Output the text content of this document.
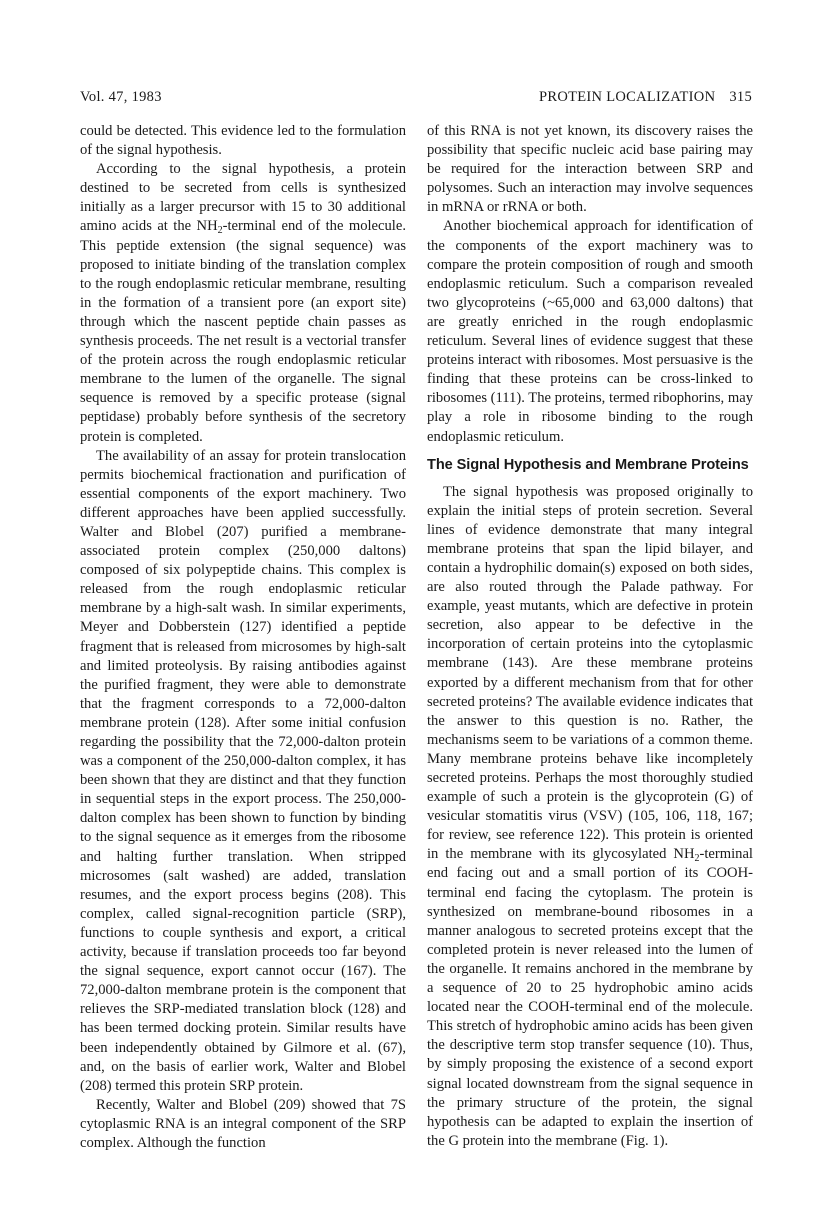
Vol. 47, 1983	PROTEIN LOCALIZATION 315

could be detected. This evidence led to the formulation of the signal hypothesis.

According to the signal hypothesis, a protein destined to be secreted from cells is synthesized initially as a larger precursor with 15 to 30 additional amino acids at the $NH_2$-terminal end of the molecule. This peptide extension (the signal sequence) was proposed to initiate binding of the translation complex to the rough endoplasmic reticular membrane, resulting in the formation of a transient pore (an export site) through which the nascent peptide chain passes as synthesis proceeds. The net result is a vectorial transfer of the protein across the rough endoplasmic reticular membrane to the lumen of the organelle. The signal sequence is removed by a specific protease (signal peptidase) probably before synthesis of the secretory protein is completed.

The availability of an assay for protein translocation permits biochemical fractionation and purification of essential components of the export machinery. Two different approaches have been applied successfully. Walter and Blobel (207) purified a membrane-associated protein complex (250,000 daltons) composed of six polypeptide chains. This complex is released from the rough endoplasmic reticular membrane by a high-salt wash. In similar experiments, Meyer and Dobberstein (127) identified a peptide fragment that is released from microsomes by high-salt and limited proteolysis. By raising antibodies against the purified fragment, they were able to demonstrate that the fragment corresponds to a 72,000-dalton membrane protein (128). After some initial confusion regarding the possibility that the 72,000-dalton protein was a component of the 250,000-dalton complex, it has been shown that they are distinct and that they function in sequential steps in the export process. The 250,000-dalton complex has been shown to function by binding to the signal sequence as it emerges from the ribosome and halting further translation. When stripped microsomes (salt washed) are added, translation resumes, and the export process begins (208). This complex, called signal-recognition particle (SRP), functions to couple synthesis and export, a critical activity, because if translation proceeds too far beyond the signal sequence, export cannot occur (167). The 72,000-dalton membrane protein is the component that relieves the SRP-mediated translation block (128) and has been termed docking protein. Similar results have been independently obtained by Gilmore et al. (67), and, on the basis of earlier work, Walter and Blobel (208) termed this protein SRP protein.

Recently, Walter and Blobel (209) showed that 7S cytoplasmic RNA is an integral component of the SRP complex. Although the function

of this RNA is not yet known, its discovery raises the possibility that specific nucleic acid base pairing may be required for the interaction between SRP and polysomes. Such an interaction may involve sequences in mRNA or rRNA or both.

Another biochemical approach for identification of the components of the export machinery was to compare the protein composition of rough and smooth endoplasmic reticulum. Such a comparison revealed two glycoproteins (~65,000 and 63,000 daltons) that are greatly enriched in the rough endoplasmic reticulum. Several lines of evidence suggest that these proteins interact with ribosomes. Most persuasive is the finding that these proteins can be cross-linked to ribosomes (111). The proteins, termed ribophorins, may play a role in ribosome binding to the rough endoplasmic reticulum.

The Signal Hypothesis and Membrane Proteins

The signal hypothesis was proposed originally to explain the initial steps of protein secretion. Several lines of evidence demonstrate that many integral membrane proteins that span the lipid bilayer, and contain a hydrophilic domain(s) exposed on both sides, are also routed through the Palade pathway. For example, yeast mutants, which are defective in protein secretion, also appear to be defective in the incorporation of certain proteins into the cytoplasmic membrane (143). Are these membrane proteins exported by a different mechanism from that for other secreted proteins? The available evidence indicates that the answer to this question is no. Rather, the mechanisms seem to be variations of a common theme. Many membrane proteins behave like incompletely secreted proteins. Perhaps the most thoroughly studied example of such a protein is the glycoprotein (G) of vesicular stomatitis virus (VSV) (105, 106, 118, 167; for review, see reference 122). This protein is oriented in the membrane with its glycosylated $NH_2$-terminal end facing out and a small portion of its COOH-terminal end facing the cytoplasm. The protein is synthesized on membrane-bound ribosomes in a manner analogous to secreted proteins except that the completed protein is never released into the lumen of the organelle. It remains anchored in the membrane by a sequence of 20 to 25 hydrophobic amino acids located near the COOH-terminal end of the molecule. This stretch of hydrophobic amino acids has been given the descriptive term stop transfer sequence (10). Thus, by simply proposing the existence of a second export signal located downstream from the signal sequence in the primary structure of the protein, the signal hypothesis can be adapted to explain the insertion of the G protein into the membrane (Fig. 1).
